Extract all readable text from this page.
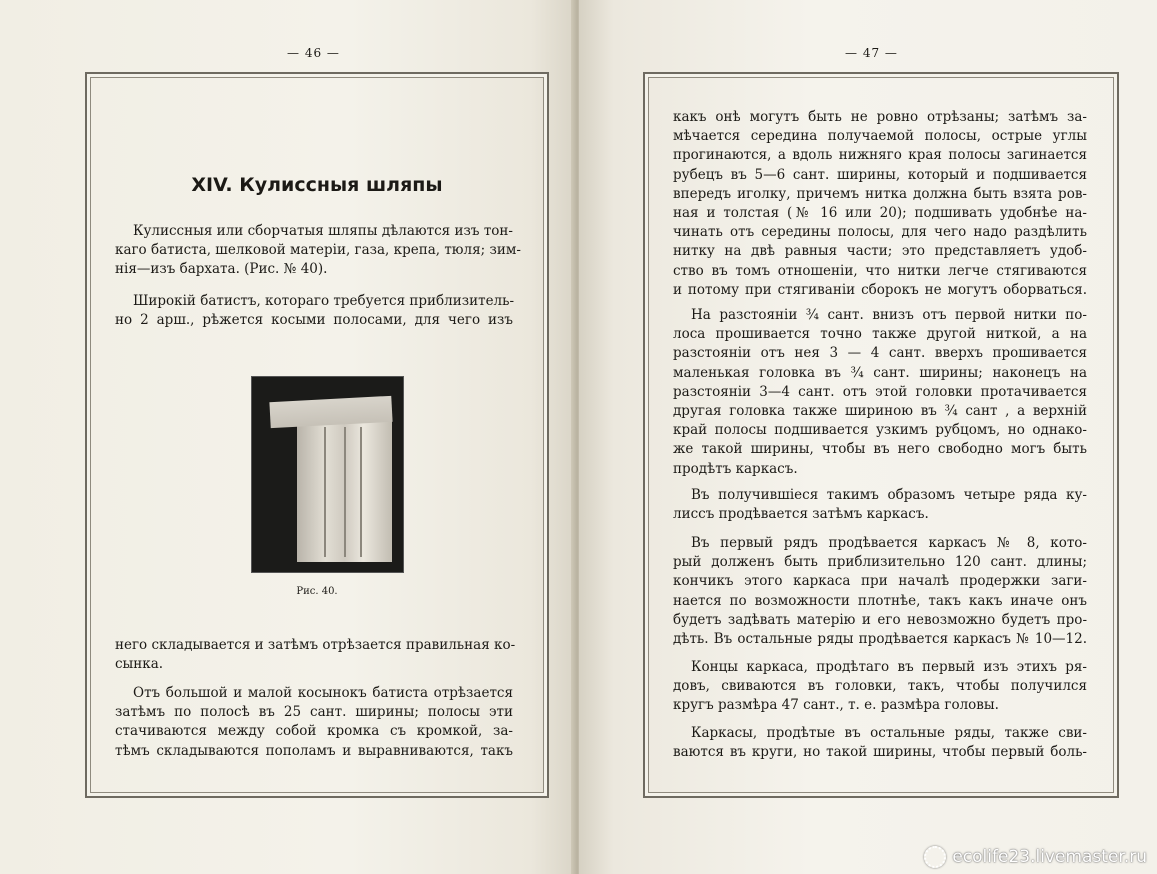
— 46 —
XIV. Кулиссныя шляпы
Кулиссныя или сборчатыя шляпы дѣлаются изъ тон-
каго батиста, шелковой матеріи, газа, крепа, тюля; зим-
нія—изъ бархата. (Рис. № 40).
Широкій батистъ, котораго требуется приблизитель-
но 2 арш., рѣжется косыми полосами, для чего изъ
Рис. 40.
него складывается и затѣмъ отрѣзается правильная ко-
сынка.
Отъ большой и малой косынокъ батиста отрѣзается
затѣмъ по полосѣ въ 25 сант. ширины; полосы эти
стачиваются между собой кромка съ кромкой, за-
тѣмъ складываются пополамъ и выравниваются, такъ
— 47 —
какъ онѣ могутъ быть не ровно отрѣзаны; затѣмъ за-
мѣчается середина получаемой полосы, острые углы
прогинаются, а вдоль нижняго края полосы загинается
рубецъ въ 5—6 сант. ширины, который и подшивается
впередъ иголку, причемъ нитка должна быть взята ров-
ная и толстая (№ 16 или 20); подшивать удобнѣе на-
чинать отъ середины полосы, для чего надо раздѣлить
нитку на двѣ равныя части; это представляетъ удоб-
ство въ томъ отношеніи, что нитки легче стягиваются
и потому при стягиваніи сборокъ не могутъ оборваться.
На разстояніи ¾ сант. внизъ отъ первой нитки по-
лоса прошивается точно также другой ниткой, а на
разстояніи отъ нея 3 — 4 сант. вверхъ прошивается
маленькая головка въ ¾ сант. ширины; наконецъ на
разстояніи 3—4 сант. отъ этой головки протачивается
другая головка также шириною въ ¾ сант , а верхній
край полосы подшивается узкимъ рубцомъ, но однако-
же такой ширины, чтобы въ него свободно могъ быть
продѣтъ каркасъ.
Въ получившіеся такимъ образомъ четыре ряда ку-
лиссъ продѣвается затѣмъ каркасъ.
Въ первый рядъ продѣвается каркасъ № 8, кото-
рый долженъ быть приблизительно 120 сант. длины;
кончикъ этого каркаса при началѣ продержки заги-
нается по возможности плотнѣе, такъ какъ иначе онъ
будетъ задѣвать матерію и его невозможно будетъ про-
дѣть. Въ остальные ряды продѣвается каркасъ № 10—12.
Концы каркаса, продѣтаго въ первый изъ этихъ ря-
довъ, свиваются въ головки, такъ, чтобы получился
кругъ размѣра 47 сант., т. е. размѣра головы.
Каркасы, продѣтые въ остальные ряды, также сви-
ваются въ круги, но такой ширины, чтобы первый боль-
ecolife23.livemaster.ru
